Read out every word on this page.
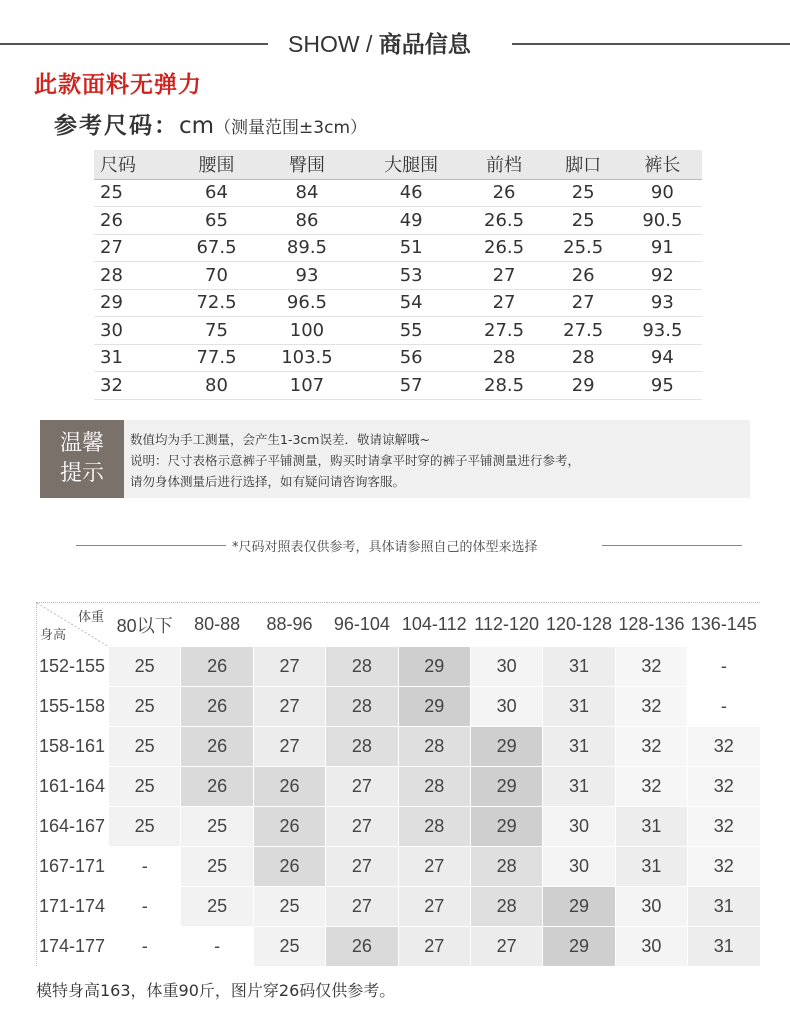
SHOW / 商品信息
此款面料无弹力
参考尺码：cm（测量范围±3cm）
尺码	腰围	臀围	大腿围	前档	脚口	裤长
25	64	84	46	26	25	90
26	65	86	49	26.5	25	90.5
27	67.5	89.5	51	26.5	25.5	91
28	70	93	53	27	26	92
29	72.5	96.5	54	27	27	93
30	75	100	55	27.5	27.5	93.5
31	77.5	103.5	56	28	28	94
32	80	107	57	28.5	29	95
温馨
提示
数值均为手工测量，会产生1-3cm误差．敬请谅解哦~
说明：尺寸表格示意裤子平铺测量，购买时请拿平时穿的裤子平铺测量进行参考，
请勿身体测量后进行选择，如有疑问请咨询客服。
*尺码对照表仅供参考，具体请参照自己的体型来选择
体重
身高	80以下	80-88	88-96	96-104	104-112	112-120	120-128	128-136	136-145
152-155	25	26	27	28	29	30	31	32	-
155-158	25	26	27	28	29	30	31	32	-
158-161	25	26	27	28	28	29	31	32	32
161-164	25	26	26	27	28	29	31	32	32
164-167	25	25	26	27	28	29	30	31	32
167-171	-	25	26	27	27	28	30	31	32
171-174	-	25	25	27	27	28	29	30	31
174-177	-	-	25	26	27	27	29	30	31
模特身高163，体重90斤，图片穿26码仅供参考。
